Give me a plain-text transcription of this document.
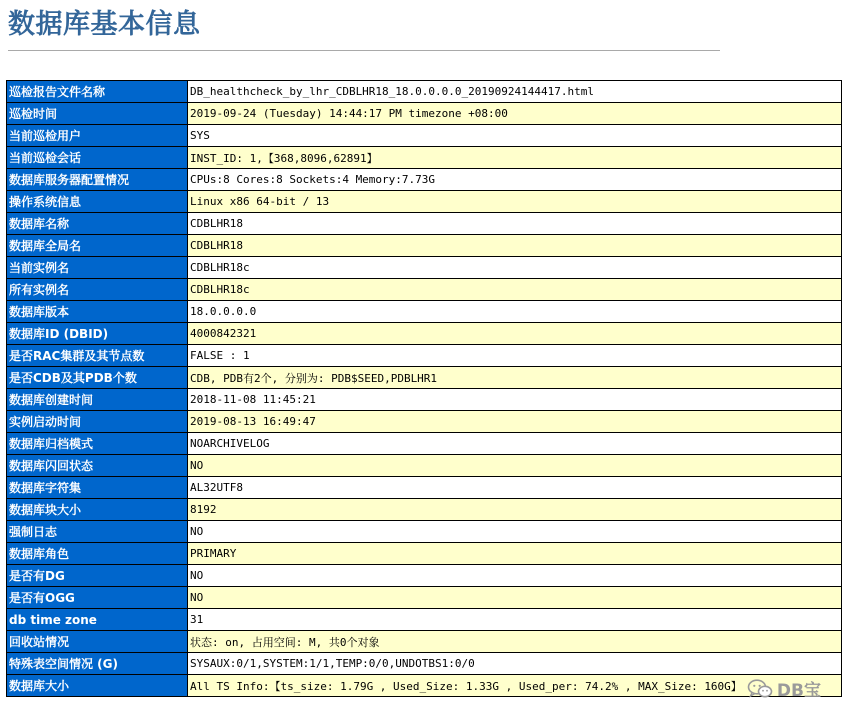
数据库基本信息
巡检报告文件名称	DB_healthcheck_by_lhr_CDBLHR18_18.0.0.0.0_20190924144417.html
巡检时间	2019-09-24 (Tuesday) 14:44:17 PM timezone +08:00
当前巡检用户	SYS
当前巡检会话	INST_ID: 1,【368,8096,62891】
数据库服务器配置情况	CPUs:8 Cores:8 Sockets:4 Memory:7.73G
操作系统信息	Linux x86 64-bit / 13
数据库名称	CDBLHR18
数据库全局名	CDBLHR18
当前实例名	CDBLHR18c
所有实例名	CDBLHR18c
数据库版本	18.0.0.0.0
数据库ID (DBID)	4000842321
是否RAC集群及其节点数	FALSE : 1
是否CDB及其PDB个数	CDB, PDB有2个, 分别为: PDB$SEED,PDBLHR1
数据库创建时间	2018-11-08 11:45:21
实例启动时间	2019-08-13 16:49:47
数据库归档模式	NOARCHIVELOG
数据库闪回状态	NO
数据库字符集	AL32UTF8
数据库块大小	8192
强制日志	NO
数据库角色	PRIMARY
是否有DG	NO
是否有OGG	NO
db time zone	31
回收站情况	状态: on, 占用空间: M, 共0个对象
特殊表空间情况 (G)	SYSAUX:0/1,SYSTEM:1/1,TEMP:0/0,UNDOTBS1:0/0
数据库大小	All TS Info:【ts_size: 1.79G , Used_Size: 1.33G , Used_per: 74.2% , MAX_Size: 160G】 DB宝
